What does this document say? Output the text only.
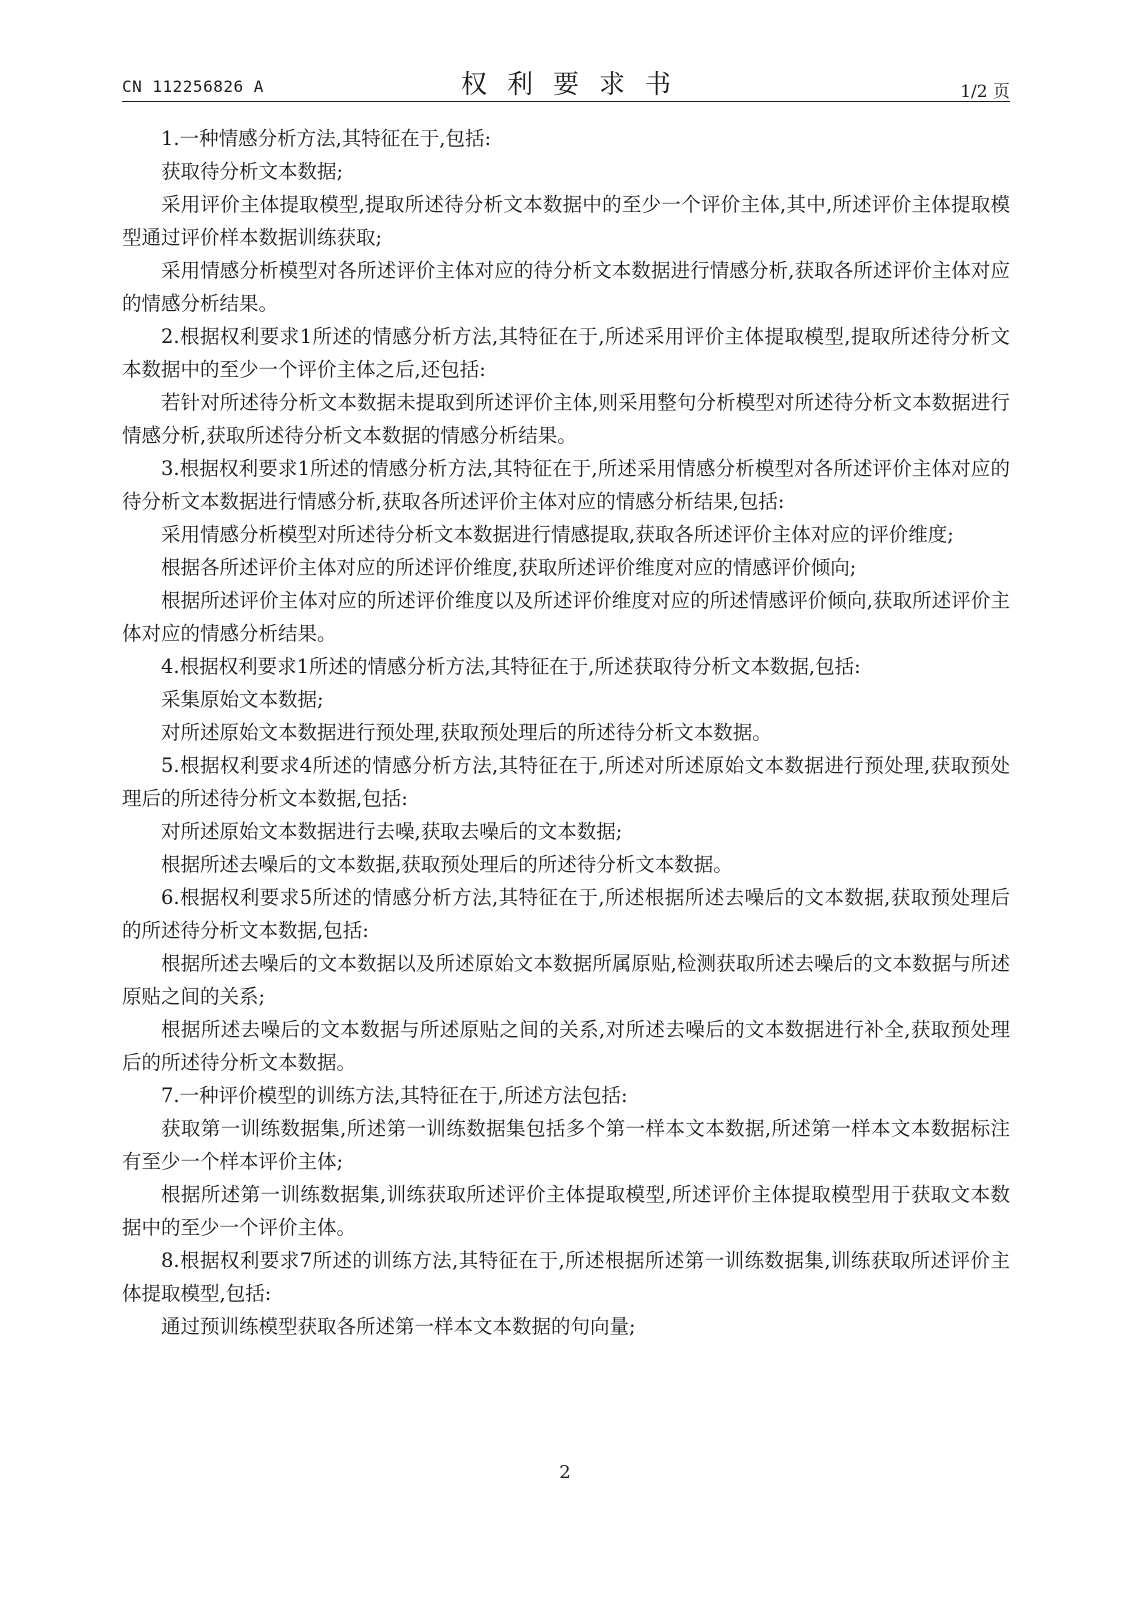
CN 112256826 A	权利要求书	1/2 页

1.一种情感分析方法,其特征在于,包括:

获取待分析文本数据;

采用评价主体提取模型,提取所述待分析文本数据中的至少一个评价主体,其中,所述评价主体提取模型通过评价样本数据训练获取;

采用情感分析模型对各所述评价主体对应的待分析文本数据进行情感分析,获取各所述评价主体对应的情感分析结果。

2.根据权利要求1所述的情感分析方法,其特征在于,所述采用评价主体提取模型,提取所述待分析文本数据中的至少一个评价主体之后,还包括:

若针对所述待分析文本数据未提取到所述评价主体,则采用整句分析模型对所述待分析文本数据进行情感分析,获取所述待分析文本数据的情感分析结果。

3.根据权利要求1所述的情感分析方法,其特征在于,所述采用情感分析模型对各所述评价主体对应的待分析文本数据进行情感分析,获取各所述评价主体对应的情感分析结果,包括:

采用情感分析模型对所述待分析文本数据进行情感提取,获取各所述评价主体对应的评价维度;

根据各所述评价主体对应的所述评价维度,获取所述评价维度对应的情感评价倾向;

根据所述评价主体对应的所述评价维度以及所述评价维度对应的所述情感评价倾向,获取所述评价主体对应的情感分析结果。

4.根据权利要求1所述的情感分析方法,其特征在于,所述获取待分析文本数据,包括:

采集原始文本数据;

对所述原始文本数据进行预处理,获取预处理后的所述待分析文本数据。

5.根据权利要求4所述的情感分析方法,其特征在于,所述对所述原始文本数据进行预处理,获取预处理后的所述待分析文本数据,包括:

对所述原始文本数据进行去噪,获取去噪后的文本数据;

根据所述去噪后的文本数据,获取预处理后的所述待分析文本数据。

6.根据权利要求5所述的情感分析方法,其特征在于,所述根据所述去噪后的文本数据,获取预处理后的所述待分析文本数据,包括:

根据所述去噪后的文本数据以及所述原始文本数据所属原贴,检测获取所述去噪后的文本数据与所述原贴之间的关系;

根据所述去噪后的文本数据与所述原贴之间的关系,对所述去噪后的文本数据进行补全,获取预处理后的所述待分析文本数据。

7.一种评价模型的训练方法,其特征在于,所述方法包括:

获取第一训练数据集,所述第一训练数据集包括多个第一样本文本数据,所述第一样本文本数据标注有至少一个样本评价主体;

根据所述第一训练数据集,训练获取所述评价主体提取模型,所述评价主体提取模型用于获取文本数据中的至少一个评价主体。

8.根据权利要求7所述的训练方法,其特征在于,所述根据所述第一训练数据集,训练获取所述评价主体提取模型,包括:

通过预训练模型获取各所述第一样本文本数据的句向量;

2
